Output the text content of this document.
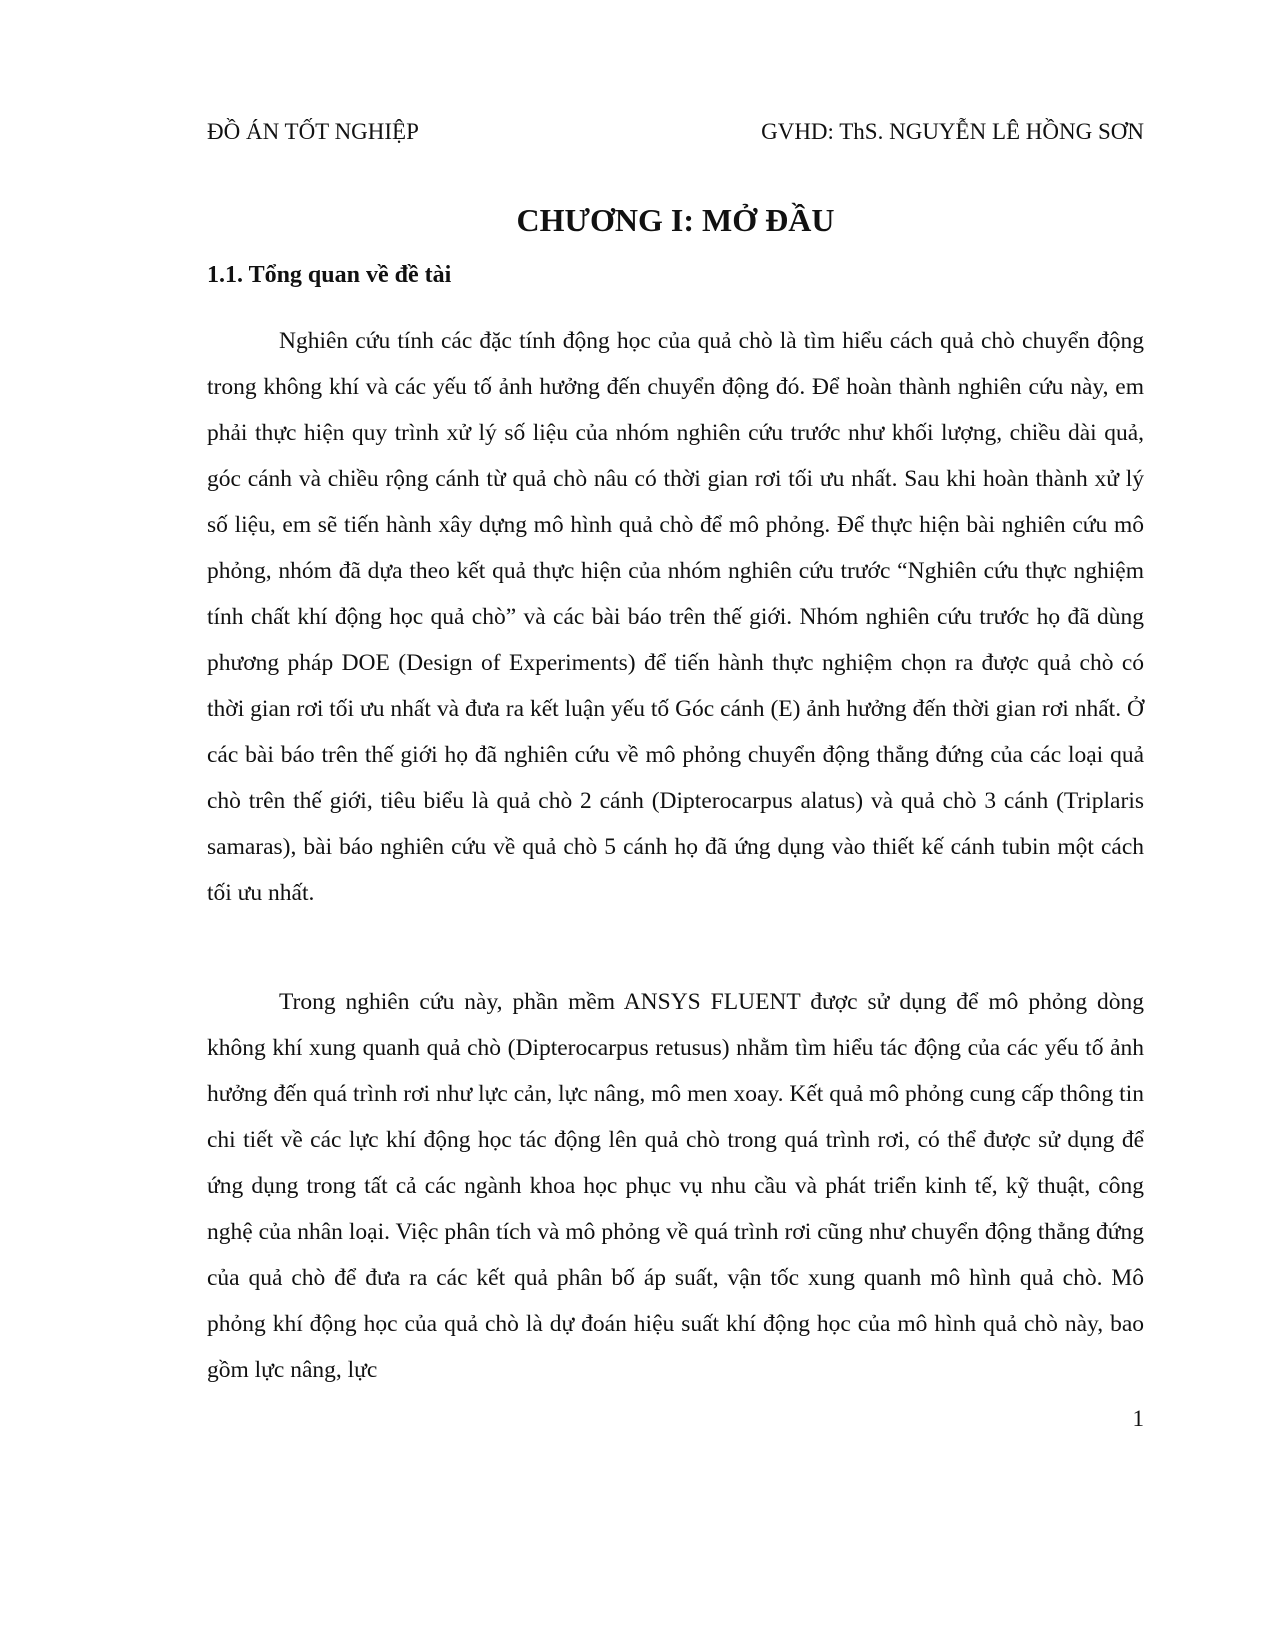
ĐỒ ÁN TỐT NGHIỆP	GVHD: ThS. NGUYỄN LÊ HỒNG SƠN
CHƯƠNG I: MỞ ĐẦU
1.1. Tổng quan về đề tài

Nghiên cứu tính các đặc tính động học của quả chò là tìm hiểu cách quả chò chuyển động trong không khí và các yếu tố ảnh hưởng đến chuyển động đó. Để hoàn thành nghiên cứu này, em phải thực hiện quy trình xử lý số liệu của nhóm nghiên cứu trước như khối lượng, chiều dài quả, góc cánh và chiều rộng cánh từ quả chò nâu có thời gian rơi tối ưu nhất. Sau khi hoàn thành xử lý số liệu, em sẽ tiến hành xây dựng mô hình quả chò để mô phỏng. Để thực hiện bài nghiên cứu mô phỏng, nhóm đã dựa theo kết quả thực hiện của nhóm nghiên cứu trước “Nghiên cứu thực nghiệm tính chất khí động học quả chò” và các bài báo trên thế giới. Nhóm nghiên cứu trước họ đã dùng phương pháp DOE (Design of Experiments) để tiến hành thực nghiệm chọn ra được quả chò có thời gian rơi tối ưu nhất và đưa ra kết luận yếu tố Góc cánh (E) ảnh hưởng đến thời gian rơi nhất. Ở các bài báo trên thế giới họ đã nghiên cứu về mô phỏng chuyển động thẳng đứng của các loại quả chò trên thế giới, tiêu biểu là quả chò 2 cánh (Dipterocarpus alatus) và quả chò 3 cánh (Triplaris samaras), bài báo nghiên cứu về quả chò 5 cánh họ đã ứng dụng vào thiết kế cánh tubin một cách tối ưu nhất.

Trong nghiên cứu này, phần mềm ANSYS FLUENT được sử dụng để mô phỏng dòng không khí xung quanh quả chò (Dipterocarpus retusus) nhằm tìm hiểu tác động của các yếu tố ảnh hưởng đến quá trình rơi như lực cản, lực nâng, mô men xoay. Kết quả mô phỏng cung cấp thông tin chi tiết về các lực khí động học tác động lên quả chò trong quá trình rơi, có thể được sử dụng để ứng dụng trong tất cả các ngành khoa học phục vụ nhu cầu và phát triển kinh tế, kỹ thuật, công nghệ của nhân loại. Việc phân tích và mô phỏng về quá trình rơi cũng như chuyển động thẳng đứng của quả chò để đưa ra các kết quả phân bố áp suất, vận tốc xung quanh mô hình quả chò. Mô phỏng khí động học của quả chò là dự đoán hiệu suất khí động học của mô hình quả chò này, bao gồm lực nâng, lực

1
